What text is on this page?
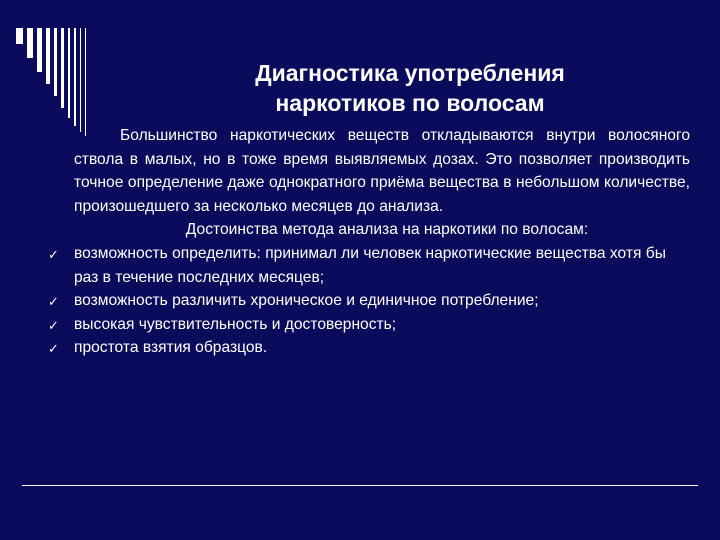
Диагностика употребления
наркотиков по волосам

Большинство наркотических веществ откладываются внутри волосяного ствола в малых, но в тоже время выявляемых дозах. Это позволяет производить точное определение даже однократного приёма вещества в небольшом количестве, произошедшего за несколько месяцев до анализа.

Достоинства метода анализа на наркотики по волосам:

✓ возможность определить: принимал ли человек наркотические вещества хотя бы раз в течение последних месяцев;

✓ возможность различить хроническое и единичное потребление;

✓ высокая чувствительность и достоверность;

✓ простота взятия образцов.
